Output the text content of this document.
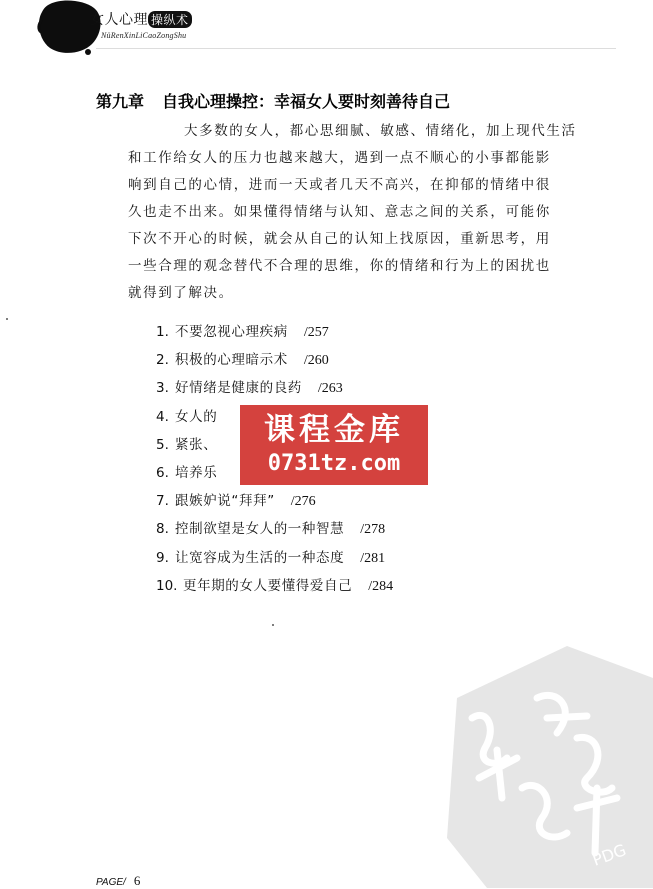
女人心理 操纵术
NüRenXinLiCaoZongShu
第九章 自我心理操控：幸福女人要时刻善待自己
大多数的女人，都心思细腻、敏感、情绪化，加上现代生活
和工作给女人的压力也越来越大，遇到一点不顺心的小事都能影
响到自己的心情，进而一天或者几天不高兴，在抑郁的情绪中很
久也走不出来。如果懂得情绪与认知、意志之间的关系，可能你
下次不开心的时候，就会从自己的认知上找原因，重新思考，用
一些合理的观念替代不合理的思维，你的情绪和行为上的困扰也
就得到了解决。
1. 不要忽视心理疾病 /257
2. 积极的心理暗示术 /260
3. 好情绪是健康的良药 /263
4. 女人的
5. 紧张、
6. 培养乐
7. 跟嫉妒说“拜拜” /276
8. 控制欲望是女人的一种智慧 /278
9. 让宽容成为生活的一种态度 /281
10. 更年期的女人要懂得爱自己 /284
课程金库
0731tz.com
PDG
PAGE/ 6
